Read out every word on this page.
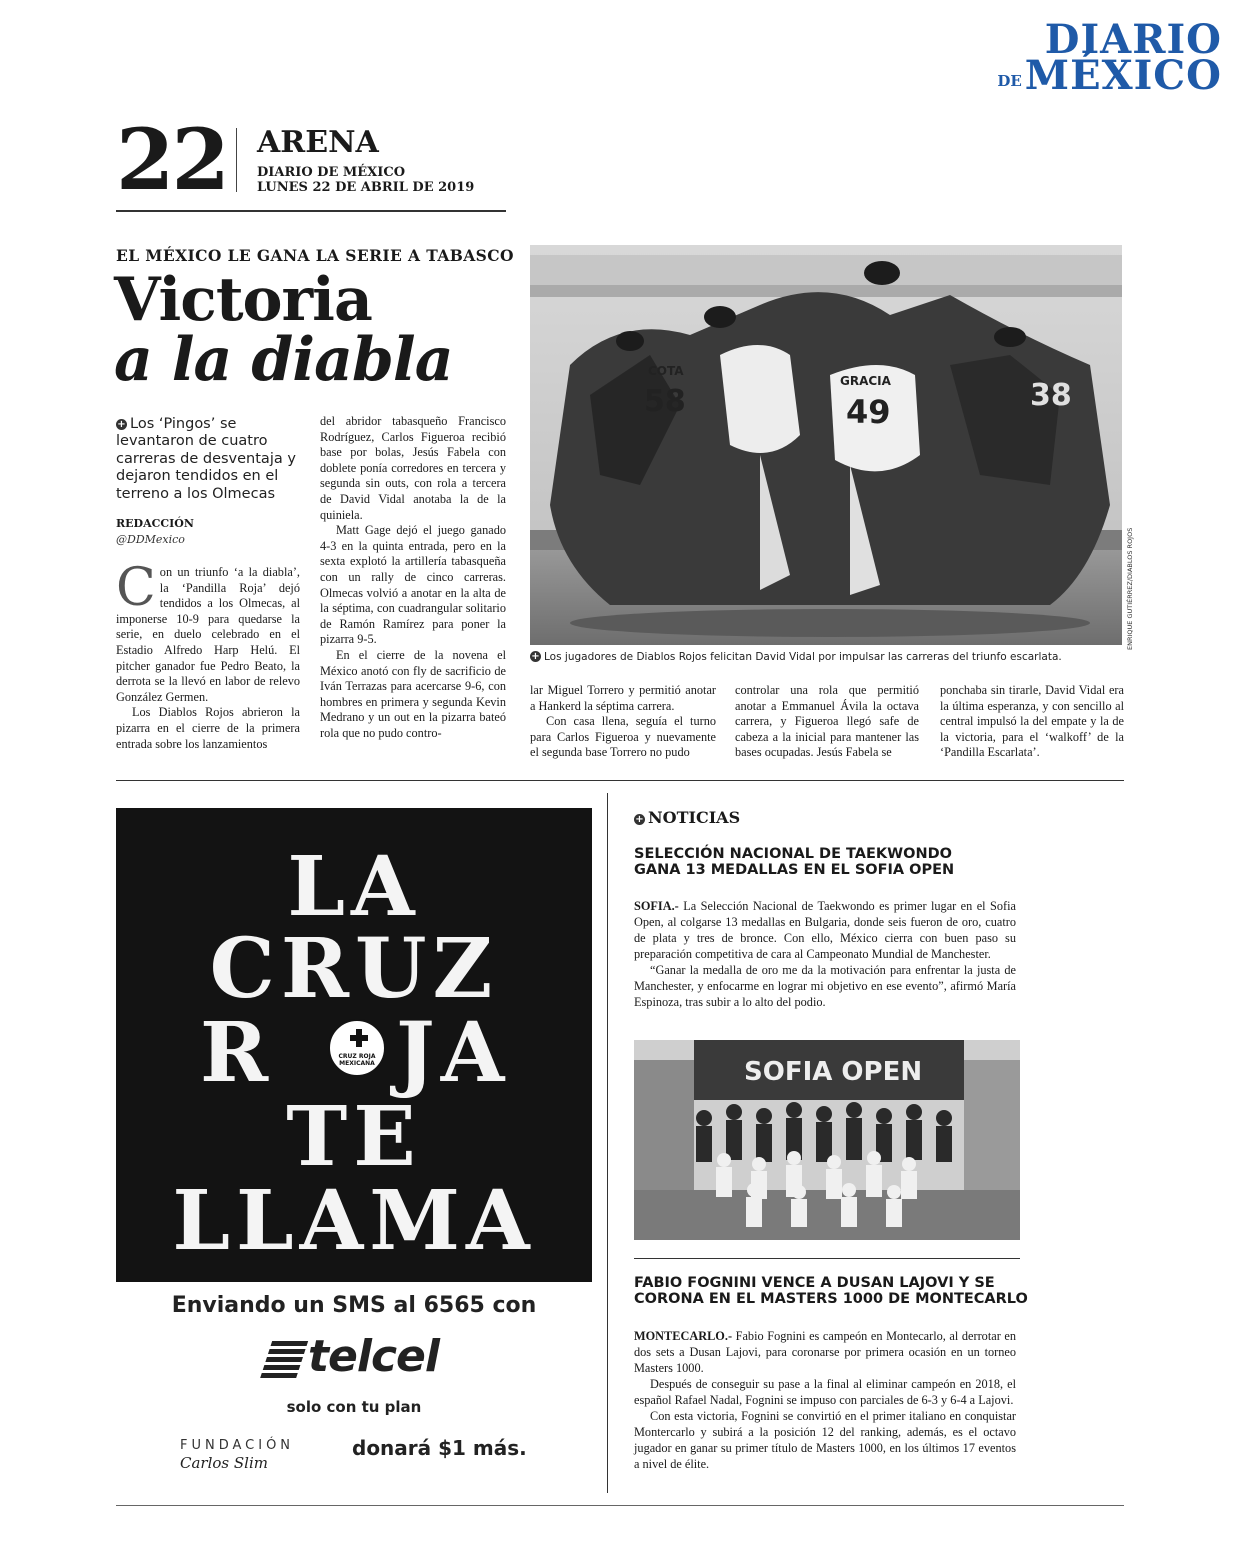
DIARIO
DE MÉXICO
22 ARENA
DIARIO DE MÉXICO
LUNES 22 DE ABRIL DE 2019
EL MÉXICO LE GANA LA SERIE A TABASCO
Victoria
a la diabla
+ Los ‘Pingos’ se levantaron de cuatro carreras de desventaja y dejaron tendidos en el terreno a los Olmecas
REDACCIÓN
@DDMexico

Con un triunfo ‘a la diabla’, la ‘Pandilla Roja’ dejó tendidos a los Olmecas, al imponerse 10-9 para quedarse la serie, en duelo celebrado en el Estadio Alfredo Harp Helú. El pitcher ganador fue Pedro Beato, la derrota se la llevó en labor de relevo González Germen.

Los Diablos Rojos abrieron la pizarra en el cierre de la primera entrada sobre los lanzamientos

del abridor tabasqueño Francisco Rodríguez, Carlos Figueroa recibió base por bolas, Jesús Fabela con doblete ponía corredores en tercera y segunda sin outs, con rola a tercera de David Vidal anotaba la de la quiniela.

Matt Gage dejó el juego ganado 4-3 en la quinta entrada, pero en la sexta explotó la artillería tabasqueña con un rally de cinco carreras. Olmecas volvió a anotar en la alta de la séptima, con cuadrangular solitario de Ramón Ramírez para poner la pizarra 9-5.

En el cierre de la novena el México anotó con fly de sacrificio de Iván Terrazas para acercarse 9-6, con hombres en primera y segunda Kevin Medrano y un out en la pizarra bateó rola que no pudo contro-

COTA
58
GRACIA
49	38
ENRIQUE GUTIÉRREZ/DIABLOS ROJOS
+ Los jugadores de Diablos Rojos felicitan David Vidal por impulsar las carreras del triunfo escarlata.

lar Miguel Torrero y permitió anotar a Hankerd la séptima carrera.

Con casa llena, seguía el turno para Carlos Figueroa y nuevamente el segunda base Torrero no pudo

controlar una rola que permitió anotar a Emmanuel Ávila la octava carrera, y Figueroa llegó safe de cabeza a la inicial para mantener las bases ocupadas. Jesús Fabela se

ponchaba sin tirarle, David Vidal era la última esperanza, y con sencillo al central impulsó la del empate y la de la victoria, para el ‘walkoff’ de la ‘Pandilla Escarlata’.

LA
CRUZ
R JA
CRUZ ROJA MEXICANA
TE
LLAMA
Enviando un SMS al 6565 con
telcel
solo con tu plan
FUNDACIÓN
Carlos Slim
donará $1 más.
+ NOTICIAS
SELECCIÓN NACIONAL DE TAEKWONDO
GANA 13 MEDALLAS EN EL SOFIA OPEN

SOFIA.- La Selección Nacional de Taekwondo es primer lugar en el Sofia Open, al colgarse 13 medallas en Bulgaria, donde seis fueron de oro, cuatro de plata y tres de bronce. Con ello, México cierra con buen paso su preparación competitiva de cara al Campeonato Mundial de Manchester.

“Ganar la medalla de oro me da la motivación para enfrentar la justa de Manchester, y enfocarme en lograr mi objetivo en ese evento”, afirmó María Espinoza, tras subir a lo alto del podio.

SOFIA OPEN
FABIO FOGNINI VENCE A DUSAN LAJOVI Y SE
CORONA EN EL MASTERS 1000 DE MONTECARLO

MONTECARLO.- Fabio Fognini es campeón en Montecarlo, al derrotar en dos sets a Dusan Lajovi, para coronarse por primera ocasión en un torneo Masters 1000.

Después de conseguir su pase a la final al eliminar campeón en 2018, el español Rafael Nadal, Fognini se impuso con parciales de 6-3 y 6-4 a Lajovi.

Con esta victoria, Fognini se convirtió en el primer italiano en conquistar Montercarlo y subirá a la posición 12 del ranking, además, es el octavo jugador en ganar su primer título de Masters 1000, en los últimos 17 eventos a nivel de élite.
